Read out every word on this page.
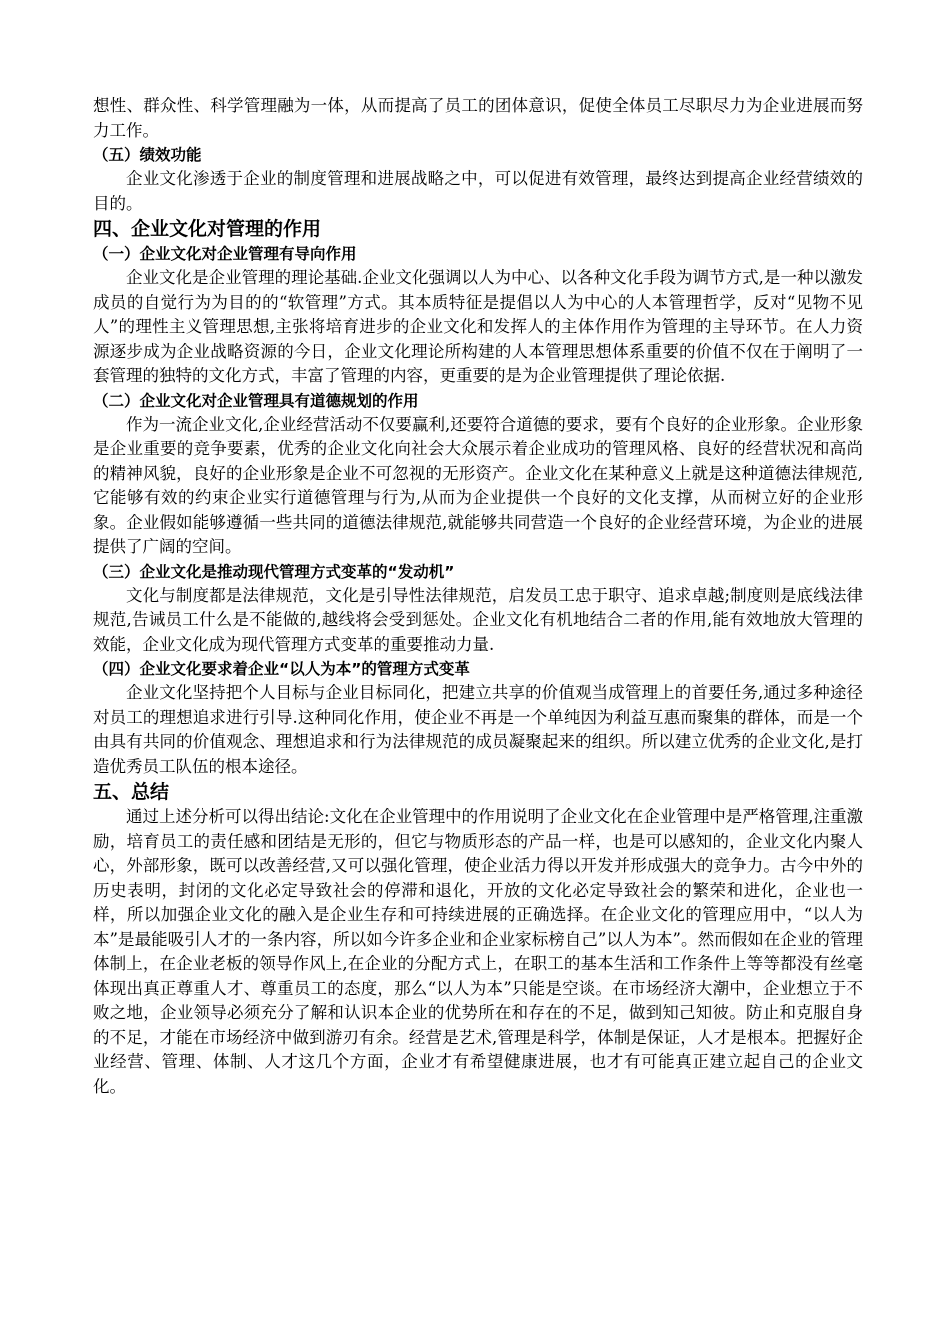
想性、群众性、科学管理融为一体，从而提高了员工的团体意识，促使全体员工尽职尽力为企业进展而努力工作。

（五）绩效功能

企业文化渗透于企业的制度管理和进展战略之中，可以促进有效管理，最终达到提高企业经营绩效的目的。

四、企业文化对管理的作用

（一）企业文化对企业管理有导向作用

企业文化是企业管理的理论基础.企业文化强调以人为中心、以各种文化手段为调节方式,是一种以激发成员的自觉行为为目的的“软管理”方式。其本质特征是提倡以人为中心的人本管理哲学，反对“见物不见人”的理性主义管理思想,主张将培育进步的企业文化和发挥人的主体作用作为管理的主导环节。在人力资源逐步成为企业战略资源的今日，企业文化理论所构建的人本管理思想体系重要的价值不仅在于阐明了一套管理的独特的文化方式，丰富了管理的内容，更重要的是为企业管理提供了理论依据.

（二）企业文化对企业管理具有道德规划的作用

作为一流企业文化,企业经营活动不仅要赢利,还要符合道德的要求，要有个良好的企业形象。企业形象是企业重要的竞争要素，优秀的企业文化向社会大众展示着企业成功的管理风格、良好的经营状况和高尚的精神风貌，良好的企业形象是企业不可忽视的无形资产。企业文化在某种意义上就是这种道德法律规范,它能够有效的约束企业实行道德管理与行为,从而为企业提供一个良好的文化支撑，从而树立好的企业形象。企业假如能够遵循一些共同的道德法律规范,就能够共同营造一个良好的企业经营环境，为企业的进展提供了广阔的空间。

（三）企业文化是推动现代管理方式变革的“发动机”

文化与制度都是法律规范，文化是引导性法律规范，启发员工忠于职守、追求卓越;制度则是底线法律规范,告诫员工什么是不能做的,越线将会受到惩处。企业文化有机地结合二者的作用,能有效地放大管理的效能，企业文化成为现代管理方式变革的重要推动力量.

（四）企业文化要求着企业“以人为本”的管理方式变革

企业文化坚持把个人目标与企业目标同化，把建立共享的价值观当成管理上的首要任务,通过多种途径对员工的理想追求进行引导.这种同化作用，使企业不再是一个单纯因为利益互惠而聚集的群体，而是一个由具有共同的价值观念、理想追求和行为法律规范的成员凝聚起来的组织。所以建立优秀的企业文化,是打造优秀员工队伍的根本途径。

五、总结

通过上述分析可以得出结论:文化在企业管理中的作用说明了企业文化在企业管理中是严格管理,注重激励，培育员工的责任感和团结是无形的，但它与物质形态的产品一样，也是可以感知的，企业文化内聚人心，外部形象，既可以改善经营,又可以强化管理，使企业活力得以开发并形成强大的竞争力。古今中外的历史表明，封闭的文化必定导致社会的停滞和退化，开放的文化必定导致社会的繁荣和进化，企业也一样，所以加强企业文化的融入是企业生存和可持续进展的正确选择。在企业文化的管理应用中，“以人为本”是最能吸引人才的一条内容，所以如今许多企业和企业家标榜自己”以人为本”。然而假如在企业的管理体制上，在企业老板的领导作风上,在企业的分配方式上，在职工的基本生活和工作条件上等等都没有丝毫体现出真正尊重人才、尊重员工的态度，那么“以人为本”只能是空谈。在市场经济大潮中，企业想立于不败之地，企业领导必须充分了解和认识本企业的优势所在和存在的不足，做到知己知彼。防止和克服自身的不足，才能在市场经济中做到游刃有余。经营是艺术,管理是科学，体制是保证，人才是根本。把握好企业经营、管理、体制、人才这几个方面，企业才有希望健康进展，也才有可能真正建立起自己的企业文化。
